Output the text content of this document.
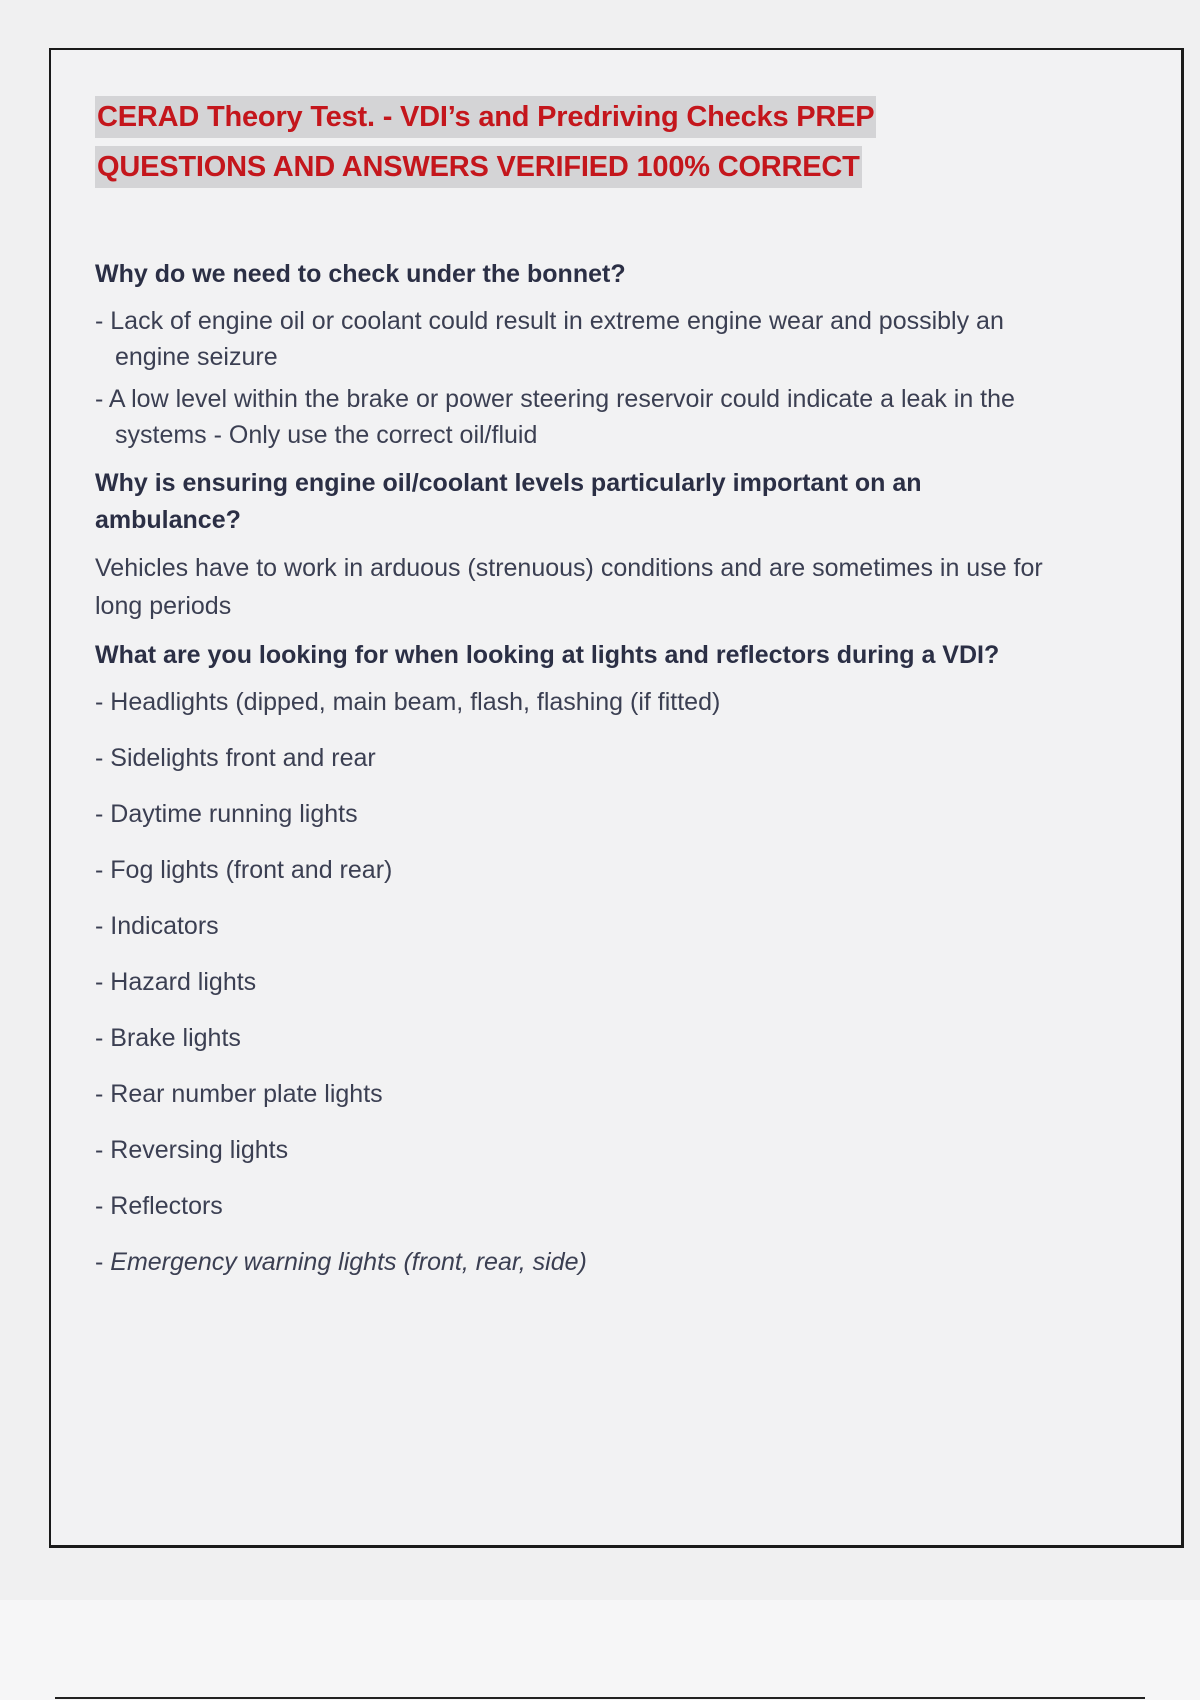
CERAD Theory Test. - VDI’s and Predriving Checks PREP
QUESTIONS AND ANSWERS VERIFIED 100% CORRECT

Why do we need to check under the bonnet?

- Lack of engine oil or coolant could result in extreme engine wear and possibly an engine seizure
- A low level within the brake or power steering reservoir could indicate a leak in the systems - Only use the correct oil/fluid

Why is ensuring engine oil/coolant levels particularly important on an ambulance?

Vehicles have to work in arduous (strenuous) conditions and are sometimes in use for long periods

What are you looking for when looking at lights and reflectors during a VDI?

- Headlights (dipped, main beam, flash, flashing (if fitted)
- Sidelights front and rear
- Daytime running lights
- Fog lights (front and rear)
- Indicators
- Hazard lights
- Brake lights
- Rear number plate lights
- Reversing lights
- Reflectors
- Emergency warning lights (front, rear, side)
